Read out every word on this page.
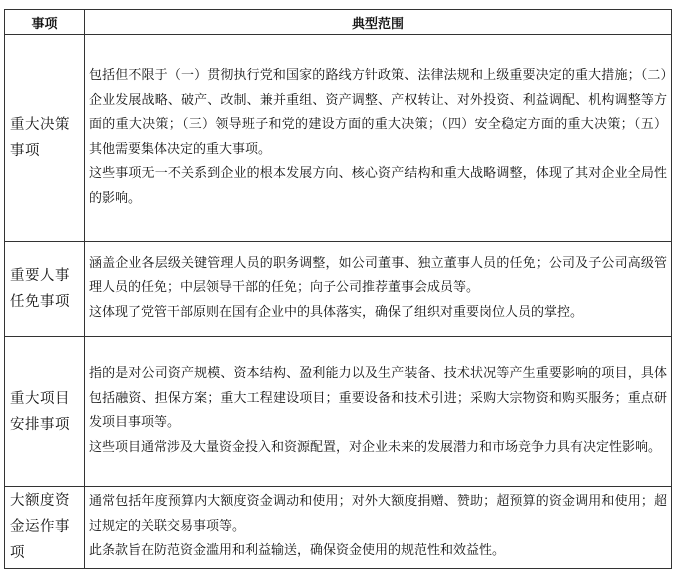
事项	典型范围
重大决策事项	包括但不限于（一）贯彻执行党和国家的路线方针政策、法律法规和上级重要决定的重大措施；（二）企业发展战略、破产、改制、兼并重组、资产调整、产权转让、对外投资、利益调配、机构调整等方面的重大决策；（三）领导班子和党的建设方面的重大决策；（四）安全稳定方面的重大决策；（五）其他需要集体决定的重大事项。

这些事项无一不关系到企业的根本发展方向、核心资产结构和重大战略调整，体现了其对企业全局性的影响。

重要人事任免事项	涵盖企业各层级关键管理人员的职务调整，如公司董事、独立董事人员的任免；公司及子公司高级管理人员的任免；中层领导干部的任免；向子公司推荐董事会成员等。

这体现了党管干部原则在国有企业中的具体落实，确保了组织对重要岗位人员的掌控。

重大项目安排事项	指的是对公司资产规模、资本结构、盈利能力以及生产装备、技术状况等产生重要影响的项目，具体包括融资、担保方案；重大工程建设项目；重要设备和技术引进；采购大宗物资和购买服务；重点研发项目事项等。

这些项目通常涉及大量资金投入和资源配置，对企业未来的发展潜力和市场竞争力具有决定性影响。

大额度资金运作事项	通常包括年度预算内大额度资金调动和使用；对外大额度捐赠、赞助；超预算的资金调用和使用；超过规定的关联交易事项等。

此条款旨在防范资金滥用和利益输送，确保资金使用的规范性和效益性。
